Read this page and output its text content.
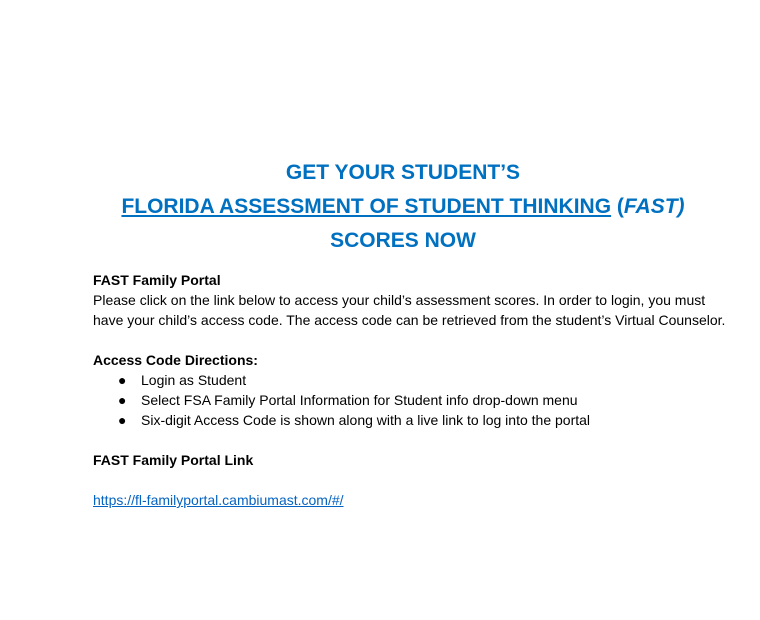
GET YOUR STUDENT’S
FLORIDA ASSESSMENT OF STUDENT THINKING (FAST)
SCORES NOW
FAST Family Portal
Please click on the link below to access your child’s assessment scores. In order to login, you must have your child’s access code. The access code can be retrieved from the student’s Virtual Counselor.
Access Code Directions:
● Login as Student
● Select FSA Family Portal Information for Student info drop-down menu
● Six-digit Access Code is shown along with a live link to log into the portal
FAST Family Portal Link
https://fl-familyportal.cambiumast.com/#/
